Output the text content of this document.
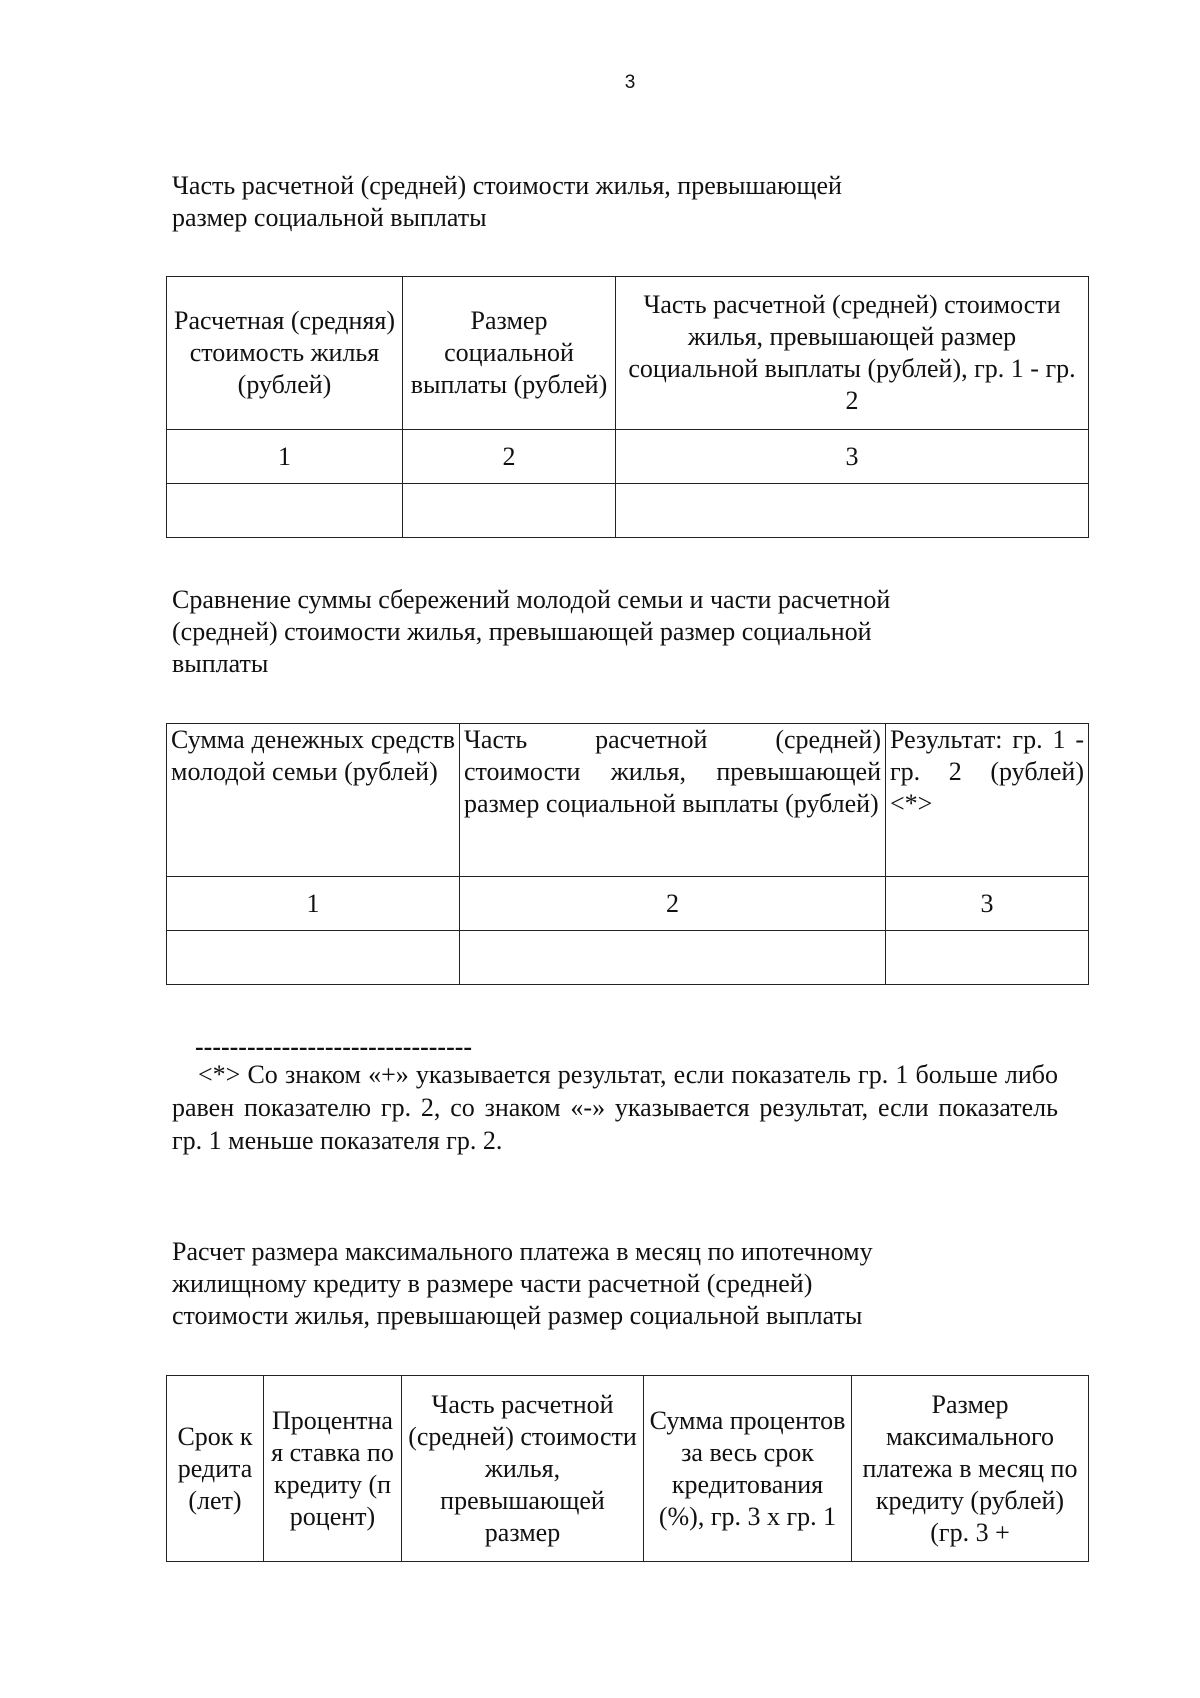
3
Часть расчетной (средней) стоимости жилья, превышающей
размер социальной выплаты
Расчетная (средняя) стоимость жилья (рублей)	Размер социальной выплаты (рублей)	Часть расчетной (средней) стоимости жилья, превышающей размер социальной выплаты (рублей), гр. 1 - гр. 2
1	2	3

Сравнение суммы сбережений молодой семьи и части расчетной
(средней) стоимости жилья, превышающей размер социальной
выплаты
Сумма денежных средств молодой семьи (рублей)	Часть расчетной (средней) стоимости жилья, превышающей размер социальной выплаты (рублей)	Результат: гр. 1 - гр. 2 (рублей) <*>
1	2	3

--------------------------------
<*> Со знаком «+» указывается результат, если показатель гр. 1 больше либо равен показателю гр. 2, со знаком «-» указывается результат, если показатель гр. 1 меньше показателя гр. 2.
Расчет размера максимального платежа в месяц по ипотечному
жилищному кредиту в размере части расчетной (средней)
стоимости жилья, превышающей размер социальной выплаты
Срок кредита (лет)	Процентная ставка по кредиту (процент)	Часть расчетной (средней) стоимости жилья, превышающей размер	Сумма процентов за весь срок кредитования (%), гр. 3 x гр. 1	Размер максимального платежа в месяц по кредиту (рублей) (гр. 3 +
